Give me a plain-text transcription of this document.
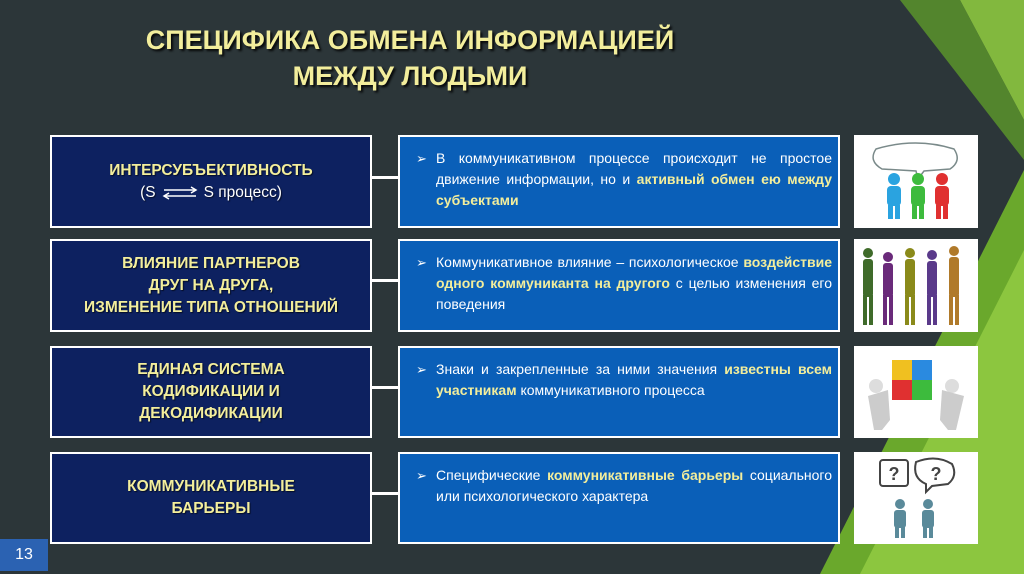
СПЕЦИФИКА ОБМЕНА ИНФОРМАЦИЕЙ
МЕЖДУ ЛЮДЬМИ
ИНТЕРСУБЪЕКТИВНОСТЬ
(S	S процесс)
➢ В коммуникативном процессе происходит не простое движение информации, но и активный обмен ею между субъектами
ВЛИЯНИЕ ПАРТНЕРОВ
ДРУГ НА ДРУГА,
ИЗМЕНЕНИЕ ТИПА ОТНОШЕНИЙ
➢ Коммуникативное влияние – психологическое воздействие одного коммуниканта на другого с целью изменения его поведения
ЕДИНАЯ СИСТЕМА
КОДИФИКАЦИИ И
ДЕКОДИФИКАЦИИ
➢ Знаки и закрепленные за ними значения известны всем участникам коммуникативного процесса
КОММУНИКАТИВНЫЕ
БАРЬЕРЫ
➢ Специфические коммуникативные барьеры социального или психологического характера
? ?
13
